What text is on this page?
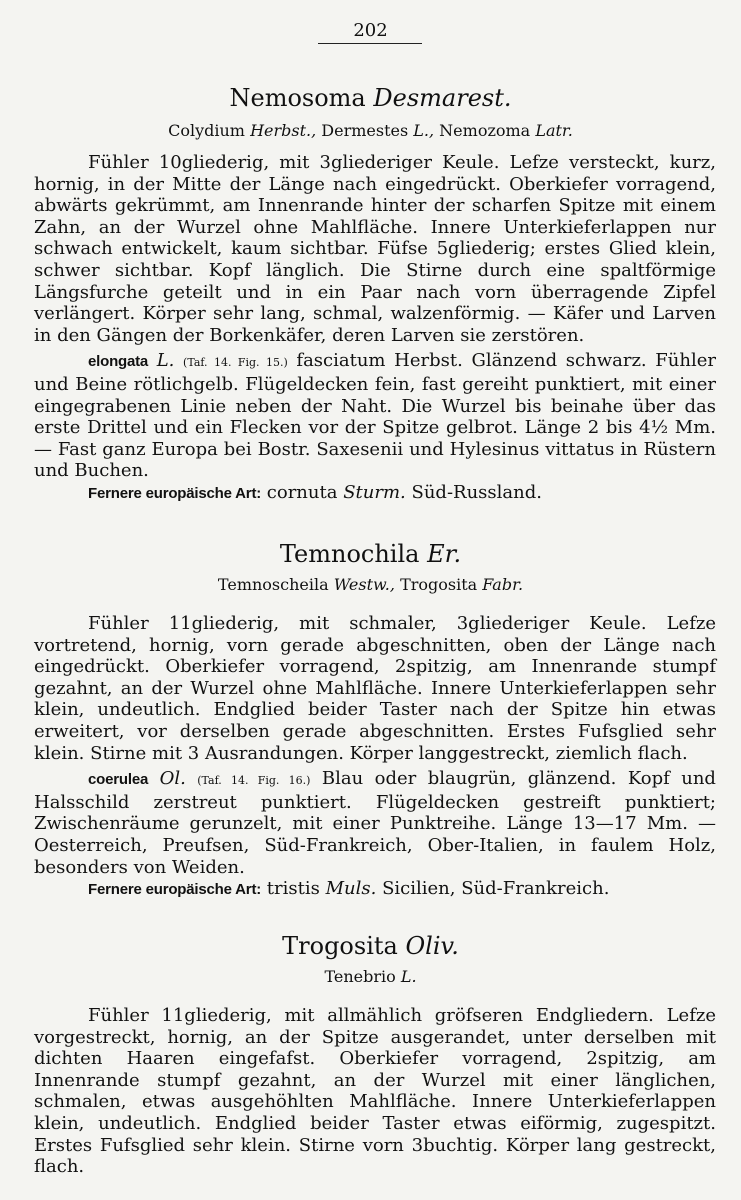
202
Nemosoma Desmarest.
Colydium Herbst., Dermestes L., Nemozoma Latr.

Fühler 10gliederig, mit 3gliederiger Keule. Lefze versteckt, kurz, hornig, in der Mitte der Länge nach eingedrückt. Oberkiefer vorragend, abwärts gekrümmt, am Innenrande hinter der scharfen Spitze mit einem Zahn, an der Wurzel ohne Mahlfläche. Innere Unterkieferlappen nur schwach entwickelt, kaum sichtbar. Füfse 5gliederig; erstes Glied klein, schwer sichtbar. Kopf länglich. Die Stirne durch eine spaltförmige Längsfurche geteilt und in ein Paar nach vorn überragende Zipfel verlängert. Körper sehr lang, schmal, walzenförmig. — Käfer und Larven in den Gängen der Borkenkäfer, deren Larven sie zerstören.

elongata L. (Taf. 14. Fig. 15.) fasciatum Herbst. Glänzend schwarz. Fühler und Beine rötlichgelb. Flügeldecken fein, fast gereiht punktiert, mit einer eingegrabenen Linie neben der Naht. Die Wurzel bis beinahe über das erste Drittel und ein Flecken vor der Spitze gelbrot. Länge 2 bis 4½ Mm. — Fast ganz Europa bei Bostr. Saxesenii und Hylesinus vittatus in Rüstern und Buchen.

Fernere europäische Art: cornuta Sturm. Süd-Russland.

Temnochila Er.
Temnoscheila Westw., Trogosita Fabr.

Fühler 11gliederig, mit schmaler, 3gliederiger Keule. Lefze vortretend, hornig, vorn gerade abgeschnitten, oben der Länge nach eingedrückt. Oberkiefer vorragend, 2spitzig, am Innenrande stumpf gezahnt, an der Wurzel ohne Mahlfläche. Innere Unterkieferlappen sehr klein, undeutlich. Endglied beider Taster nach der Spitze hin etwas erweitert, vor derselben gerade abgeschnitten. Erstes Fufsglied sehr klein. Stirne mit 3 Ausrandungen. Körper langgestreckt, ziemlich flach.

coerulea Ol. (Taf. 14. Fig. 16.) Blau oder blaugrün, glänzend. Kopf und Halsschild zerstreut punktiert. Flügeldecken gestreift punktiert; Zwischenräume gerunzelt, mit einer Punktreihe. Länge 13—17 Mm. — Oesterreich, Preufsen, Süd-Frankreich, Ober-Italien, in faulem Holz, besonders von Weiden.

Fernere europäische Art: tristis Muls. Sicilien, Süd-Frankreich.

Trogosita Oliv.
Tenebrio L.

Fühler 11gliederig, mit allmählich gröfseren Endgliedern. Lefze vorgestreckt, hornig, an der Spitze ausgerandet, unter derselben mit dichten Haaren eingefafst. Oberkiefer vorragend, 2spitzig, am Innenrande stumpf gezahnt, an der Wurzel mit einer länglichen, schmalen, etwas ausgehöhlten Mahlfläche. Innere Unterkieferlappen klein, undeutlich. Endglied beider Taster etwas eiförmig, zugespitzt. Erstes Fufsglied sehr klein. Stirne vorn 3buchtig. Körper lang gestreckt, flach.
